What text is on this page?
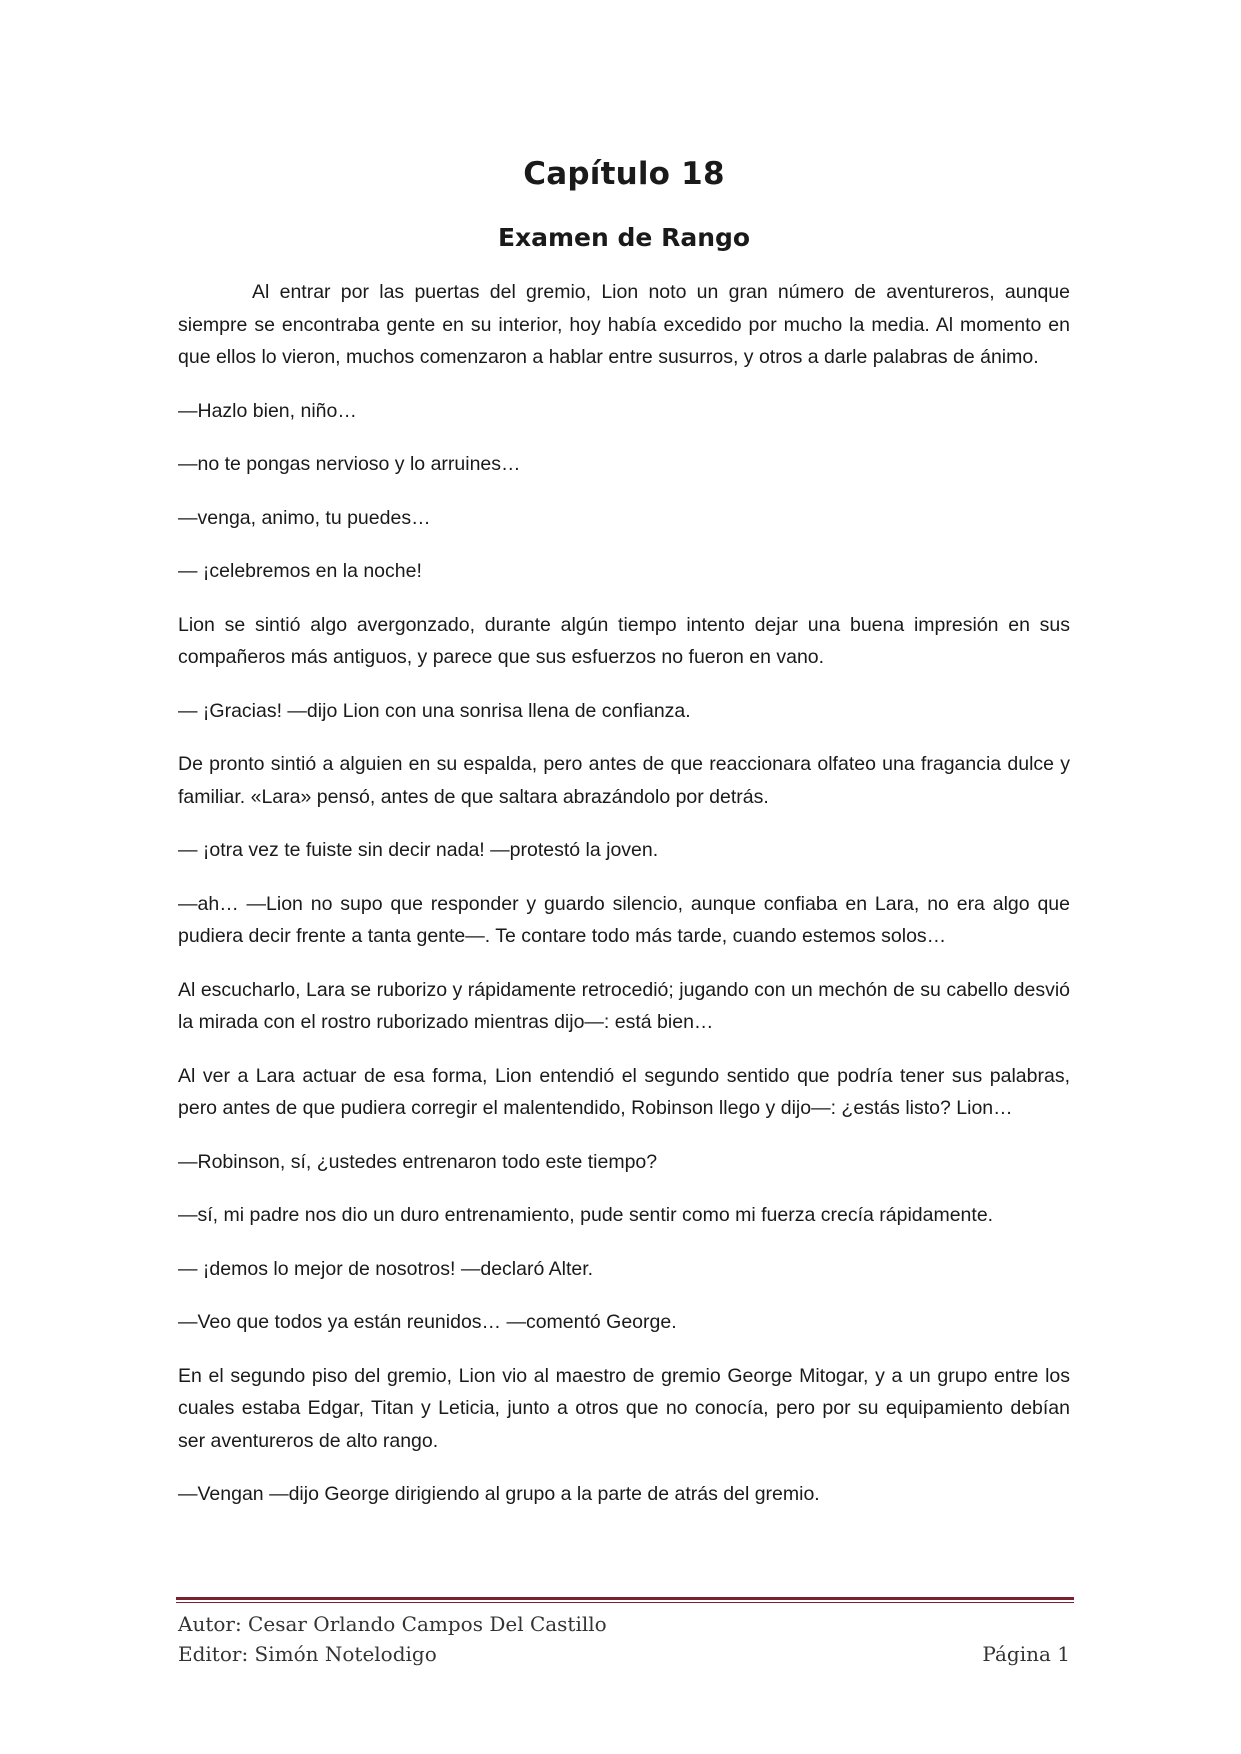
Capítulo 18
Examen de Rango

Al entrar por las puertas del gremio, Lion noto un gran número de aventureros, aunque siempre se encontraba gente en su interior, hoy había excedido por mucho la media. Al momento en que ellos lo vieron, muchos comenzaron a hablar entre susurros, y otros a darle palabras de ánimo.

—Hazlo bien, niño…

—no te pongas nervioso y lo arruines…

—venga, animo, tu puedes…

— ¡celebremos en la noche!

Lion se sintió algo avergonzado, durante algún tiempo intento dejar una buena impresión en sus compañeros más antiguos, y parece que sus esfuerzos no fueron en vano.

— ¡Gracias! —dijo Lion con una sonrisa llena de confianza.

De pronto sintió a alguien en su espalda, pero antes de que reaccionara olfateo una fragancia dulce y familiar. «Lara» pensó, antes de que saltara abrazándolo por detrás.

— ¡otra vez te fuiste sin decir nada! —protestó la joven.

—ah… —Lion no supo que responder y guardo silencio, aunque confiaba en Lara, no era algo que pudiera decir frente a tanta gente—. Te contare todo más tarde, cuando estemos solos…

Al escucharlo, Lara se ruborizo y rápidamente retrocedió; jugando con un mechón de su cabello desvió la mirada con el rostro ruborizado mientras dijo—: está bien…

Al ver a Lara actuar de esa forma, Lion entendió el segundo sentido que podría tener sus palabras, pero antes de que pudiera corregir el malentendido, Robinson llego y dijo—: ¿estás listo? Lion…

—Robinson, sí, ¿ustedes entrenaron todo este tiempo?

—sí, mi padre nos dio un duro entrenamiento, pude sentir como mi fuerza crecía rápidamente.

— ¡demos lo mejor de nosotros! —declaró Alter.

—Veo que todos ya están reunidos… —comentó George.

En el segundo piso del gremio, Lion vio al maestro de gremio George Mitogar, y a un grupo entre los cuales estaba Edgar, Titan y Leticia, junto a otros que no conocía, pero por su equipamiento debían ser aventureros de alto rango.

—Vengan —dijo George dirigiendo al grupo a la parte de atrás del gremio.

Autor: Cesar Orlando Campos Del Castillo
Editor: Simón Notelodigo	Página 1
